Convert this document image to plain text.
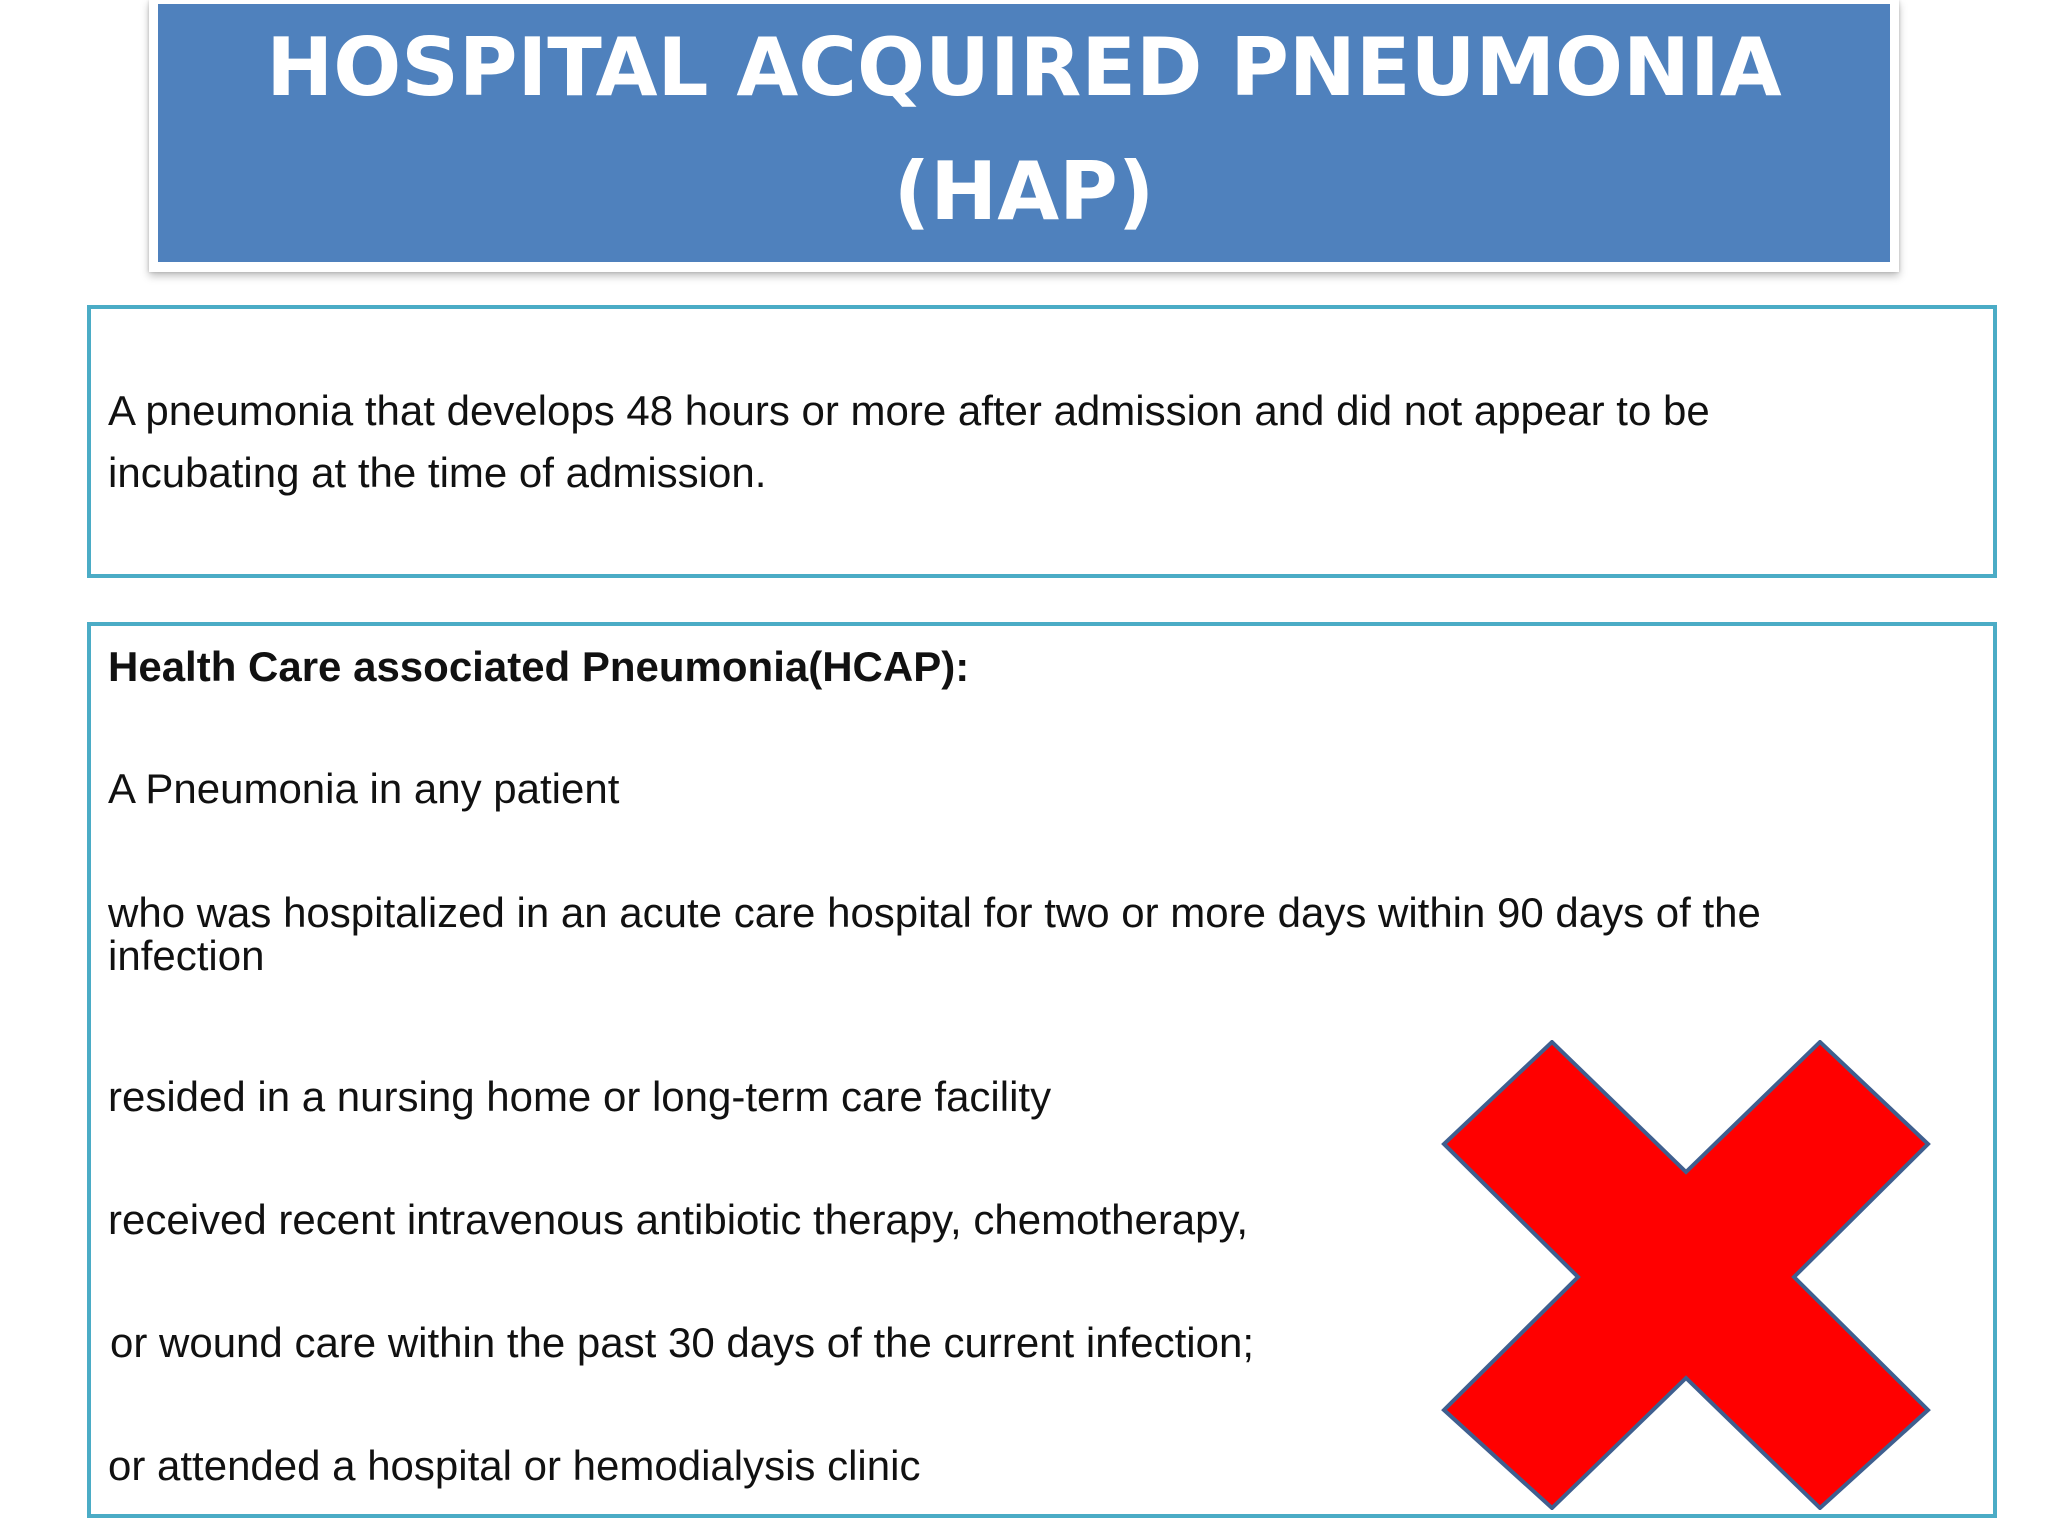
HOSPITAL ACQUIRED PNEUMONIA
(HAP)
A pneumonia that develops 48 hours or more after admission and did not appear to be
incubating at the time of admission.
Health Care associated Pneumonia(HCAP):
A Pneumonia in any patient
who was hospitalized in an acute care hospital for two or more days within 90 days of the
infection
resided in a nursing home or long-term care facility
received recent intravenous antibiotic therapy, chemotherapy,
or wound care within the past 30 days of the current infection;
or attended a hospital or hemodialysis clinic
